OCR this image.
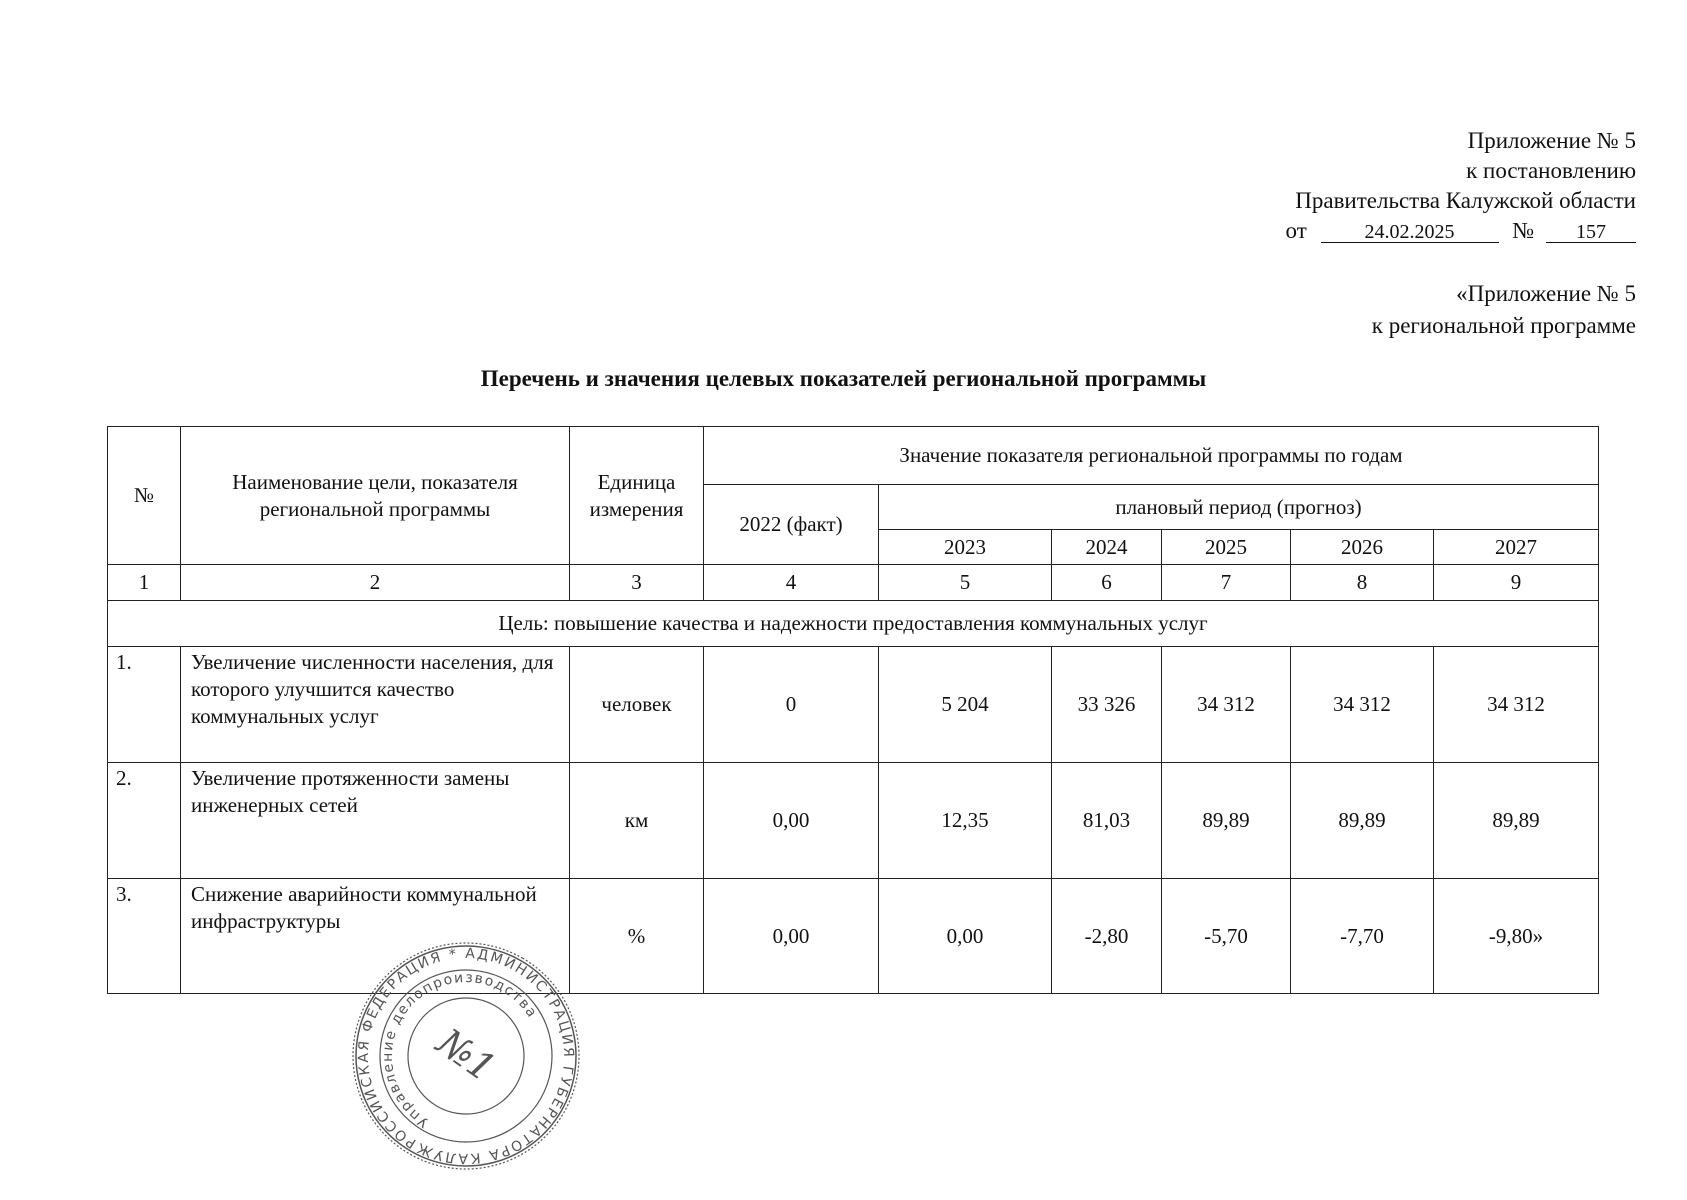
Приложение № 5
к постановлению
Правительства Калужской области
от	24.02.2025	№ 157
«Приложение № 5
к региональной программе
Перечень и значения целевых показателей региональной программы
№	Наименование цели, показателя региональной программы	Единица измерения	Значение показателя региональной программы по годам					
			2022 (факт)	плановый период (прогноз)				
				2023	2024	2025	2026	2027
1	2	3	4	5	6	7	8	9
Цель: повышение качества и надежности предоставления коммунальных услуг								
1.	Увеличение численности населения, для которого улучшится качество коммунальных услуг	человек	0	5 204	33 326	34 312	34 312	34 312
2.	Увеличение протяженности замены инженерных сетей	км	0,00	12,35	81,03	89,89	89,89	89,89
3.	Снижение аварийности коммунальной инфраструктуры	%	0,00	0,00	-2,80	-5,70	-7,70	-9,80»
РОССИЙСКАЯ ФЕДЕРАЦИЯ * АДМИНИСТРАЦИЯ ГУБЕРНАТОРА КАЛУЖСКОЙ
Управление делопроизводства
№1
